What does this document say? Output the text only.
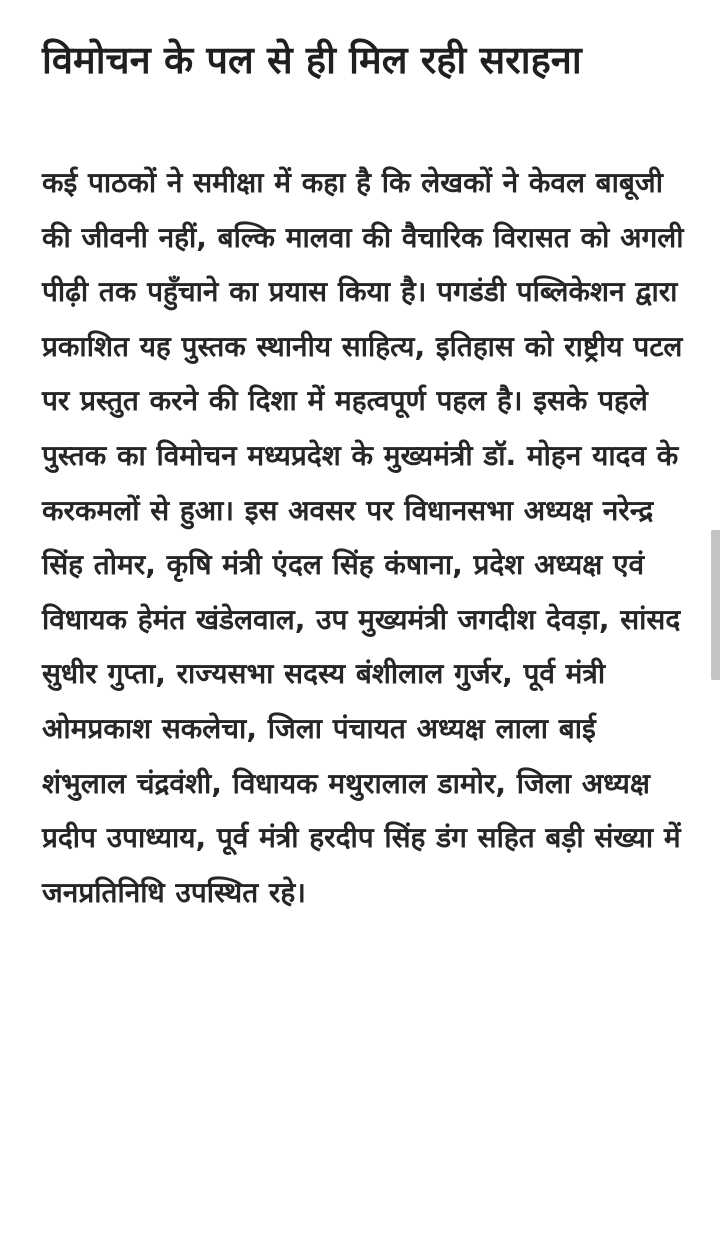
विमोचन के पल से ही मिल रही सराहना

कई पाठकों ने समीक्षा में कहा है कि लेखकों ने केवल बाबूजी की जीवनी नहीं, बल्कि मालवा की वैचारिक विरासत को अगली पीढ़ी तक पहुँचाने का प्रयास किया है। पगडंडी पब्लिकेशन द्वारा प्रकाशित यह पुस्तक स्थानीय साहित्य, इतिहास को राष्ट्रीय पटल पर प्रस्तुत करने की दिशा में महत्वपूर्ण पहल है। इसके पहले पुस्तक का विमोचन मध्यप्रदेश के मुख्यमंत्री डॉ. मोहन यादव के करकमलों से हुआ। इस अवसर पर विधानसभा अध्यक्ष नरेन्द्र सिंह तोमर, कृषि मंत्री एंदल सिंह कंषाना, प्रदेश अध्यक्ष एवं विधायक हेमंत खंडेलवाल, उप मुख्यमंत्री जगदीश देवड़ा, सांसद सुधीर गुप्ता, राज्यसभा सदस्य बंशीलाल गुर्जर, पूर्व मंत्री ओमप्रकाश सकलेचा, जिला पंचायत अध्यक्ष लाला बाई शंभुलाल चंद्रवंशी, विधायक मथुरालाल डामोर, जिला अध्यक्ष प्रदीप उपाध्याय, पूर्व मंत्री हरदीप सिंह डंग सहित बड़ी संख्या में जनप्रतिनिधि उपस्थित रहे।
